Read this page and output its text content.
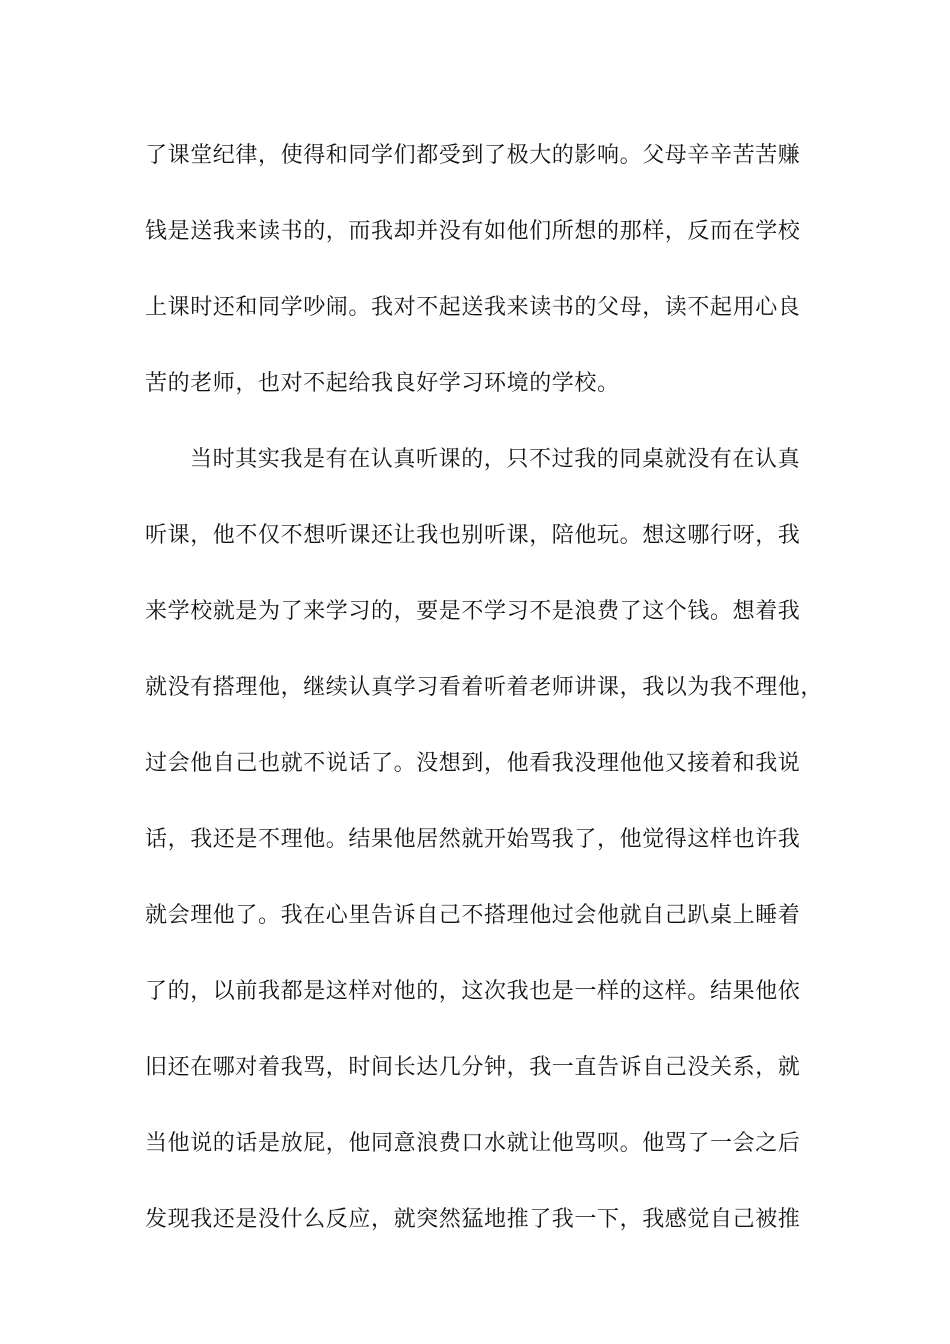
了课堂纪律，使得和同学们都受到了极大的影响。父母辛辛苦苦赚
钱是送我来读书的，而我却并没有如他们所想的那样，反而在学校
上课时还和同学吵闹。我对不起送我来读书的父母，读不起用心良
苦的老师，也对不起给我良好学习环境的学校。
当时其实我是有在认真听课的，只不过我的同桌就没有在认真
听课，他不仅不想听课还让我也别听课，陪他玩。想这哪行呀，我
来学校就是为了来学习的，要是不学习不是浪费了这个钱。想着我
就没有搭理他，继续认真学习看着听着老师讲课，我以为我不理他，
过会他自己也就不说话了。没想到，他看我没理他他又接着和我说
话，我还是不理他。结果他居然就开始骂我了，他觉得这样也许我
就会理他了。我在心里告诉自己不搭理他过会他就自己趴桌上睡着
了的，以前我都是这样对他的，这次我也是一样的这样。结果他依
旧还在哪对着我骂，时间长达几分钟，我一直告诉自己没关系，就
当他说的话是放屁，他同意浪费口水就让他骂呗。他骂了一会之后
发现我还是没什么反应，就突然猛地推了我一下，我感觉自己被推
